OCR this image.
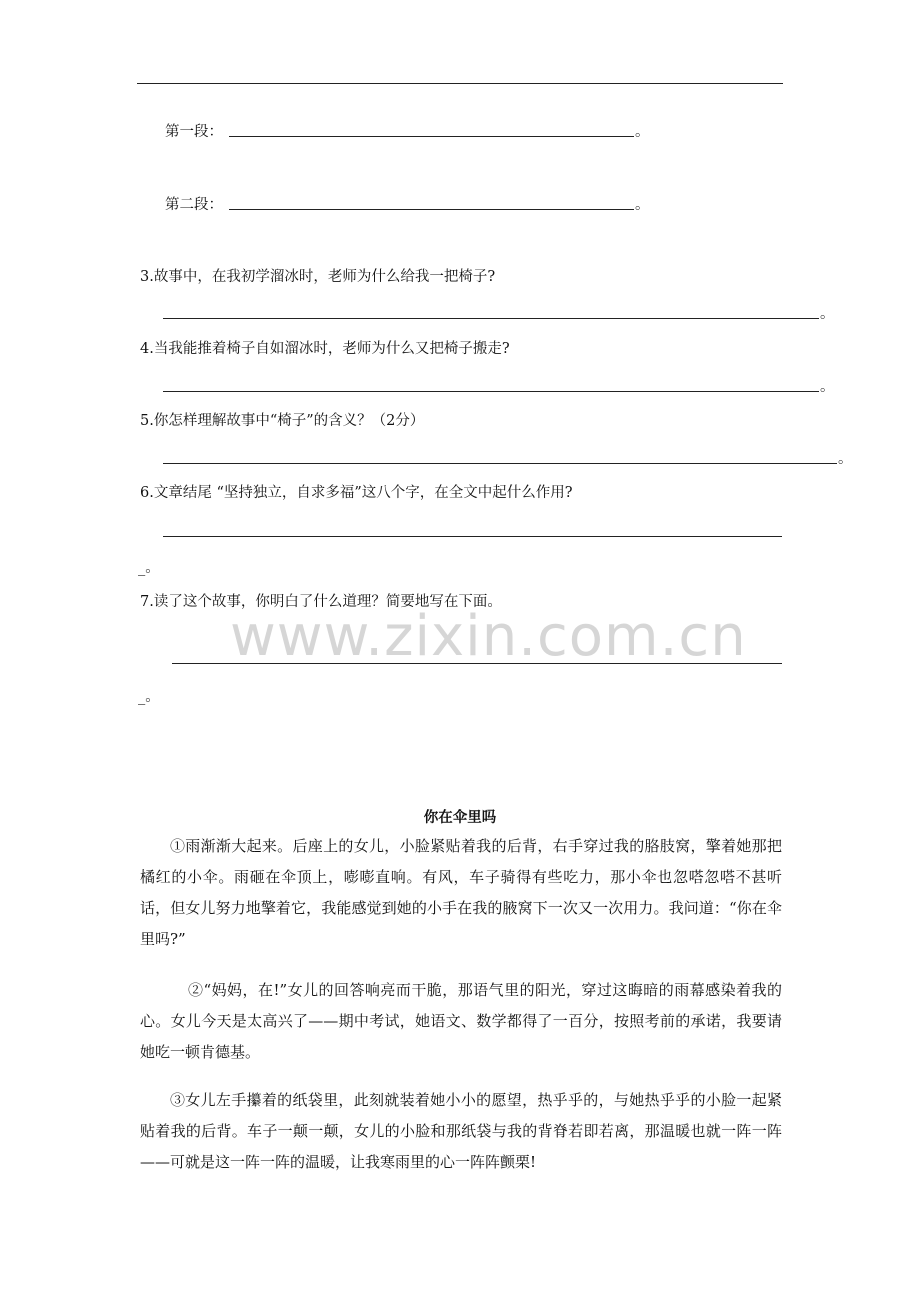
第一段：	。
第二段：	。
3.故事中，在我初学溜冰时，老师为什么给我一把椅子?
。
4.当我能推着椅子自如溜冰时，老师为什么又把椅子搬走?
。
5.你怎样理解故事中“椅子”的含义？（2分）
。
6.文章结尾 “坚持独立，自求多福”这八个字，在全文中起什么作用?
_。
7.读了这个故事，你明白了什么道理？简要地写在下面。
_。
www.zixin.com.cn
你在伞里吗
①雨渐渐大起来。后座上的女儿，小脸紧贴着我的后背，右手穿过我的胳肢窝，擎着她那把橘红的小伞。雨砸在伞顶上，嘭嘭直响。有风，车子骑得有些吃力，那小伞也忽嗒忽嗒不甚听话，但女儿努力地擎着它，我能感觉到她的小手在我的腋窝下一次又一次用力。我问道：“你在伞里吗?”
②“妈妈，在!”女儿的回答响亮而干脆，那语气里的阳光，穿过这晦暗的雨幕感染着我的心。女儿今天是太高兴了——期中考试，她语文、数学都得了一百分，按照考前的承诺，我要请她吃一顿肯德基。
③女儿左手攥着的纸袋里，此刻就装着她小小的愿望，热乎乎的，与她热乎乎的小脸一起紧贴着我的后背。车子一颠一颠，女儿的小脸和那纸袋与我的背脊若即若离，那温暖也就一阵一阵——可就是这一阵一阵的温暖，让我寒雨里的心一阵阵颤栗!
